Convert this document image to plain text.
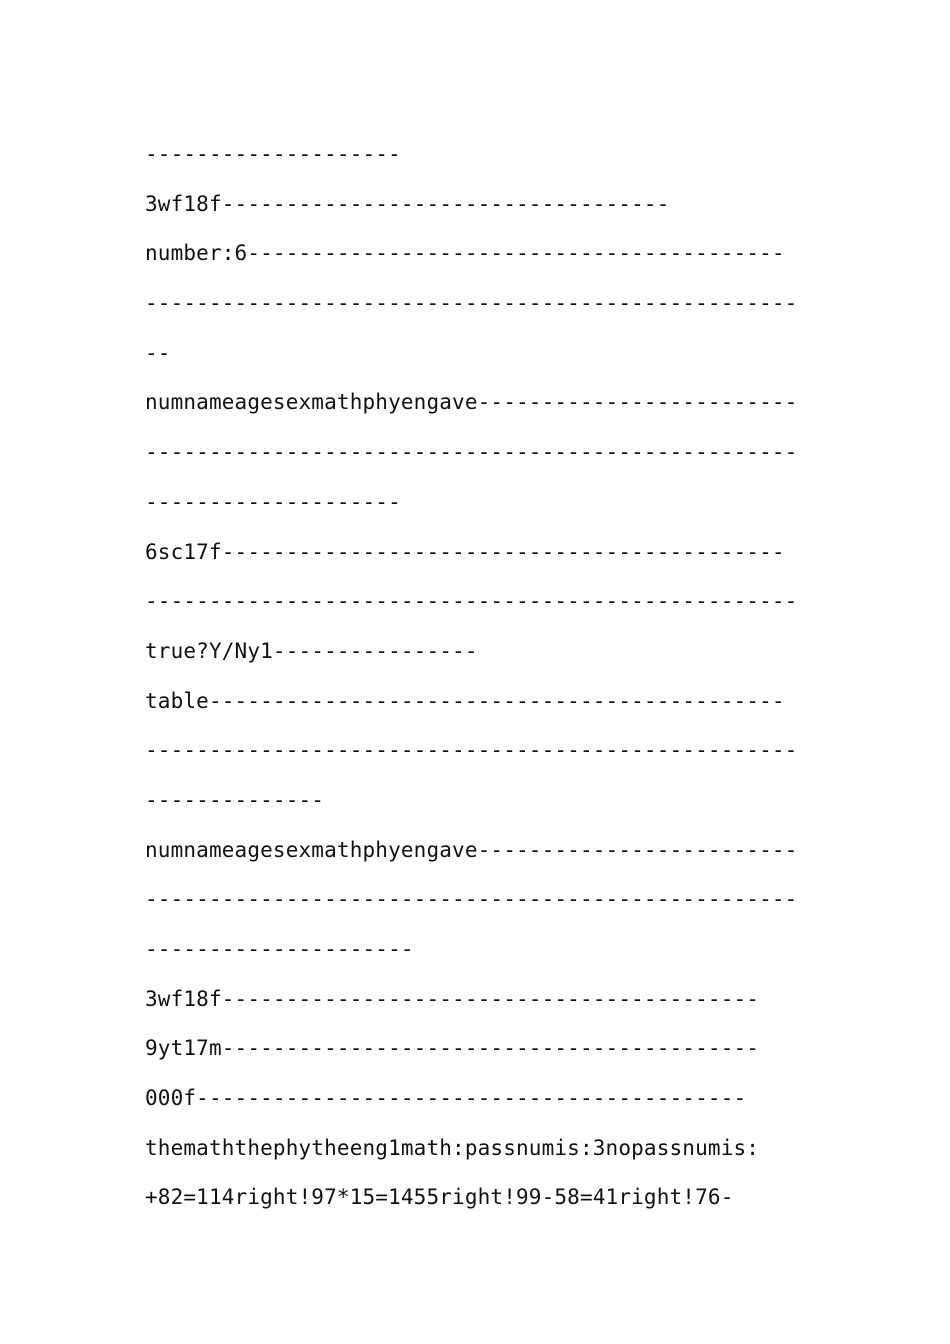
--------------------
3wf18f-----------------------------------
number:6------------------------------------------
---------------------------------------------------
--
numnameagesexmathphyengave-------------------------
---------------------------------------------------
--------------------
6sc17f--------------------------------------------
---------------------------------------------------
true?Y/Ny1----------------
table---------------------------------------------
---------------------------------------------------
--------------
numnameagesexmathphyengave-------------------------
---------------------------------------------------
---------------------
3wf18f------------------------------------------
9yt17m------------------------------------------
000f-------------------------------------------
themaththephytheeng1math:passnumis:3nopassnumis:
+82=114right!97*15=1455right!99-58=41right!76-
